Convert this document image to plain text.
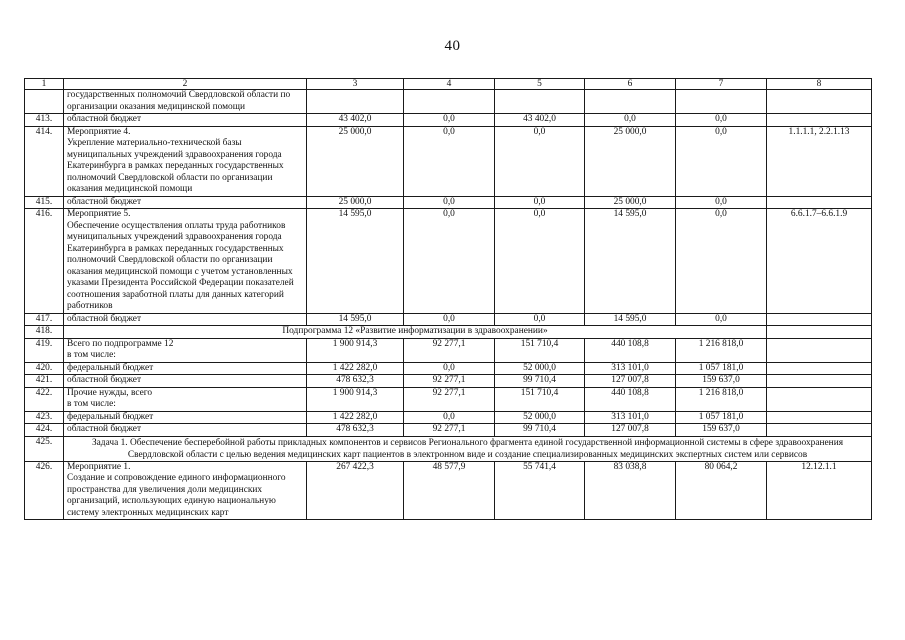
40
1	2	3	4	5	6	7	8
	государственных полномочий Свердловской области по организации оказания медицинской помощи						
413.	областной бюджет	43 402,0	0,0	43 402,0	0,0	0,0	
414.	Мероприятие 4.
Укрепление материально-технической базы муниципальных учреждений здравоохранения города Екатеринбурга в рамках переданных государственных полномочий Свердловской области по организации оказания медицинской помощи	25 000,0	0,0	0,0	25 000,0	0,0	1.1.1.1, 2.2.1.13
415.	областной бюджет	25 000,0	0,0	0,0	25 000,0	0,0	
416.	Мероприятие 5.
Обеспечение осуществления оплаты труда работников муниципальных учреждений здравоохранения города Екатеринбурга в рамках переданных государственных полномочий Свердловской области по организации оказания медицинской помощи с учетом установленных указами Президента Российской Федерации показателей соотношения заработной платы для данных категорий работников	14 595,0	0,0	0,0	14 595,0	0,0	6.6.1.7–6.6.1.9
417.	областной бюджет	14 595,0	0,0	0,0	14 595,0	0,0	
418.	Подпрограмма 12 «Развитие информатизации в здравоохранении»						
419.	Всего по подпрограмме 12
в том числе:	1 900 914,3	92 277,1	151 710,4	440 108,8	1 216 818,0	
420.	федеральный бюджет	1 422 282,0	0,0	52 000,0	313 101,0	1 057 181,0	
421.	областной бюджет	478 632,3	92 277,1	99 710,4	127 007,8	159 637,0	
422.	Прочие нужды, всего
в том числе:	1 900 914,3	92 277,1	151 710,4	440 108,8	1 216 818,0	
423.	федеральный бюджет	1 422 282,0	0,0	52 000,0	313 101,0	1 057 181,0	
424.	областной бюджет	478 632,3	92 277,1	99 710,4	127 007,8	159 637,0	
425.	Задача 1. Обеспечение бесперебойной работы прикладных компонентов и сервисов Регионального фрагмента единой государственной информационной системы в сфере здравоохранения Свердловской области с целью ведения медицинских карт пациентов в электронном виде и создание специализированных медицинских экспертных систем или сервисов						
426.	Мероприятие 1.
Создание и сопровождение единого информационного пространства для увеличения доли медицинских организаций, использующих единую национальную систему электронных медицинских карт	267 422,3	48 577,9	55 741,4	83 038,8	80 064,2	12.12.1.1
